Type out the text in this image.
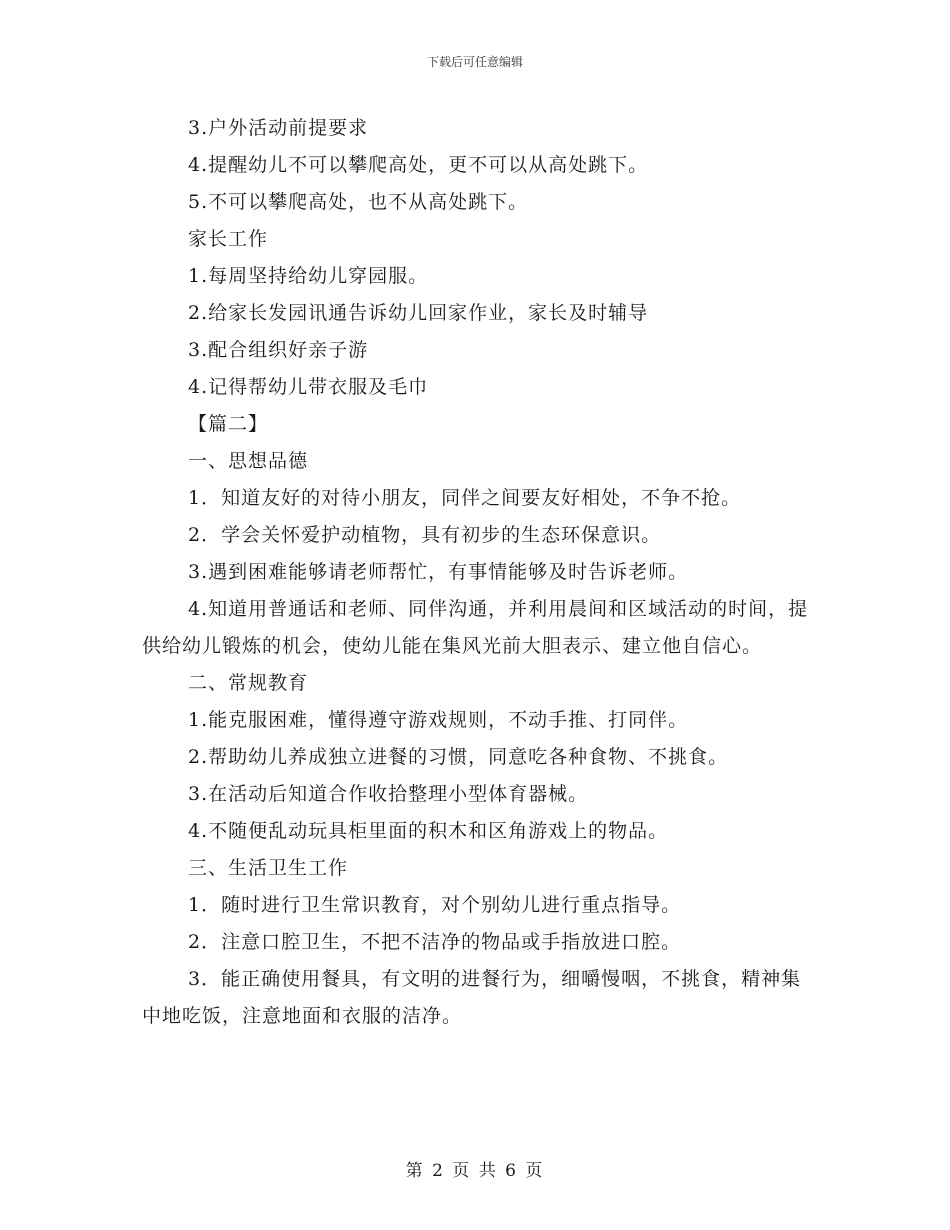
下载后可任意编辑

3.户外活动前提要求

4.提醒幼儿不可以攀爬高处，更不可以从高处跳下。

5.不可以攀爬高处，也不从高处跳下。

家长工作

1.每周坚持给幼儿穿园服。

2.给家长发园讯通告诉幼儿回家作业，家长及时辅导

3.配合组织好亲子游

4.记得帮幼儿带衣服及毛巾

【篇二】

一、思想品德

1．知道友好的对待小朋友，同伴之间要友好相处，不争不抢。

2．学会关怀爱护动植物，具有初步的生态环保意识。

3.遇到困难能够请老师帮忙，有事情能够及时告诉老师。

4.知道用普通话和老师、同伴沟通，并利用晨间和区域活动的时间，提供给幼儿锻炼的机会，使幼儿能在集风光前大胆表示、建立他自信心。

二、常规教育

1.能克服困难，懂得遵守游戏规则，不动手推、打同伴。

2.帮助幼儿养成独立进餐的习惯，同意吃各种食物、不挑食。

3.在活动后知道合作收拾整理小型体育器械。

4.不随便乱动玩具柜里面的积木和区角游戏上的物品。

三、生活卫生工作

1．随时进行卫生常识教育，对个别幼儿进行重点指导。

2．注意口腔卫生，不把不洁净的物品或手指放进口腔。

3．能正确使用餐具，有文明的进餐行为，细嚼慢咽，不挑食，精神集中地吃饭，注意地面和衣服的洁净。

第 2 页 共 6 页
